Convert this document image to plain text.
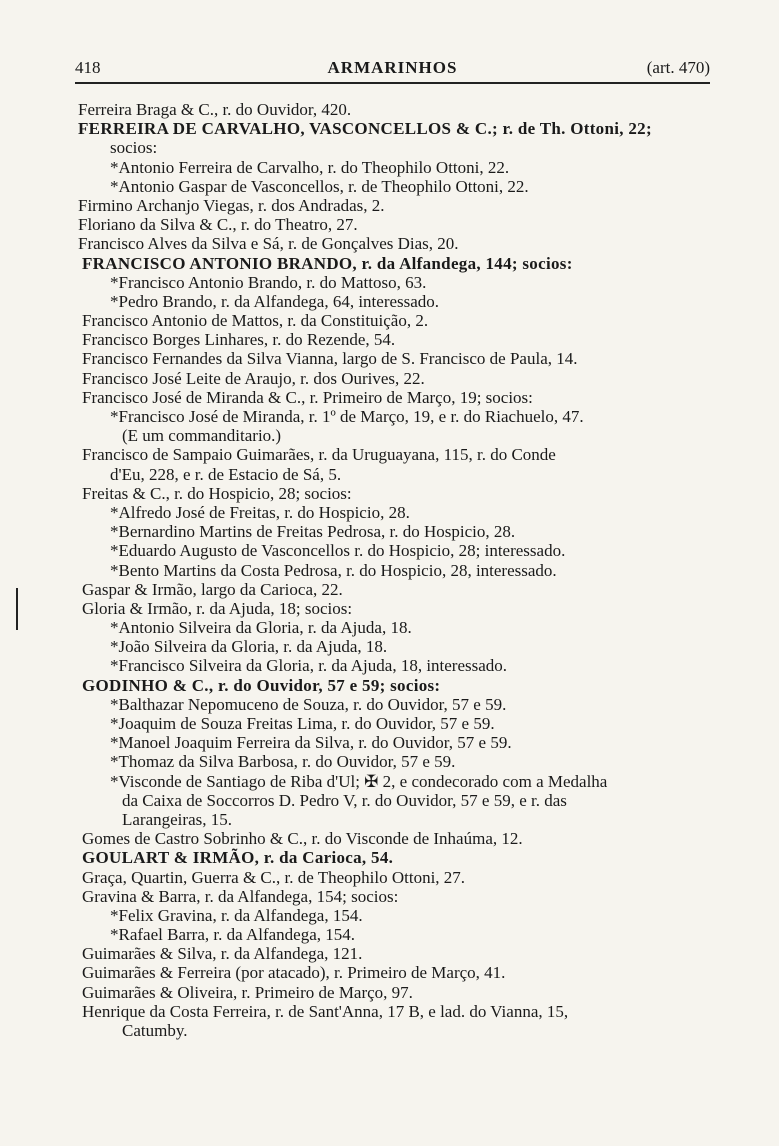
418	ARMARINHOS	(art. 470)
Ferreira Braga & C., r. do Ouvidor, 420.
FERREIRA DE CARVALHO, VASCONCELLOS & C.; r. de Th. Ottoni, 22;
socios:
*Antonio Ferreira de Carvalho, r. do Theophilo Ottoni, 22.
*Antonio Gaspar de Vasconcellos, r. de Theophilo Ottoni, 22.
Firmino Archanjo Viegas, r. dos Andradas, 2.
Floriano da Silva & C., r. do Theatro, 27.
Francisco Alves da Silva e Sá, r. de Gonçalves Dias, 20.
FRANCISCO ANTONIO BRANDO, r. da Alfandega, 144; socios:
*Francisco Antonio Brando, r. do Mattoso, 63.
*Pedro Brando, r. da Alfandega, 64, interessado.
Francisco Antonio de Mattos, r. da Constituição, 2.
Francisco Borges Linhares, r. do Rezende, 54.
Francisco Fernandes da Silva Vianna, largo de S. Francisco de Paula, 14.
Francisco José Leite de Araujo, r. dos Ourives, 22.
Francisco José de Miranda & C., r. Primeiro de Março, 19; socios:
*Francisco José de Miranda, r. 1º de Março, 19, e r. do Riachuelo, 47.
(E um commanditario.)
Francisco de Sampaio Guimarães, r. da Uruguayana, 115, r. do Conde
d'Eu, 228, e r. de Estacio de Sá, 5.
Freitas & C., r. do Hospicio, 28; socios:
*Alfredo José de Freitas, r. do Hospicio, 28.
*Bernardino Martins de Freitas Pedrosa, r. do Hospicio, 28.
*Eduardo Augusto de Vasconcellos r. do Hospicio, 28; interessado.
*Bento Martins da Costa Pedrosa, r. do Hospicio, 28, interessado.
Gaspar & Irmão, largo da Carioca, 22.
Gloria & Irmão, r. da Ajuda, 18; socios:
*Antonio Silveira da Gloria, r. da Ajuda, 18.
*João Silveira da Gloria, r. da Ajuda, 18.
*Francisco Silveira da Gloria, r. da Ajuda, 18, interessado.
GODINHO & C., r. do Ouvidor, 57 e 59; socios:
*Balthazar Nepomuceno de Souza, r. do Ouvidor, 57 e 59.
*Joaquim de Souza Freitas Lima, r. do Ouvidor, 57 e 59.
*Manoel Joaquim Ferreira da Silva, r. do Ouvidor, 57 e 59.
*Thomaz da Silva Barbosa, r. do Ouvidor, 57 e 59.
*Visconde de Santiago de Riba d'Ul; ✠ 2, e condecorado com a Medalha
da Caixa de Soccorros D. Pedro V, r. do Ouvidor, 57 e 59, e r. das
Larangeiras, 15.
Gomes de Castro Sobrinho & C., r. do Visconde de Inhaúma, 12.
GOULART & IRMÃO, r. da Carioca, 54.
Graça, Quartin, Guerra & C., r. de Theophilo Ottoni, 27.
Gravina & Barra, r. da Alfandega, 154; socios:
*Felix Gravina, r. da Alfandega, 154.
*Rafael Barra, r. da Alfandega, 154.
Guimarães & Silva, r. da Alfandega, 121.
Guimarães & Ferreira (por atacado), r. Primeiro de Março, 41.
Guimarães & Oliveira, r. Primeiro de Março, 97.
Henrique da Costa Ferreira, r. de Sant'Anna, 17 B, e lad. do Vianna, 15,
Catumby.
